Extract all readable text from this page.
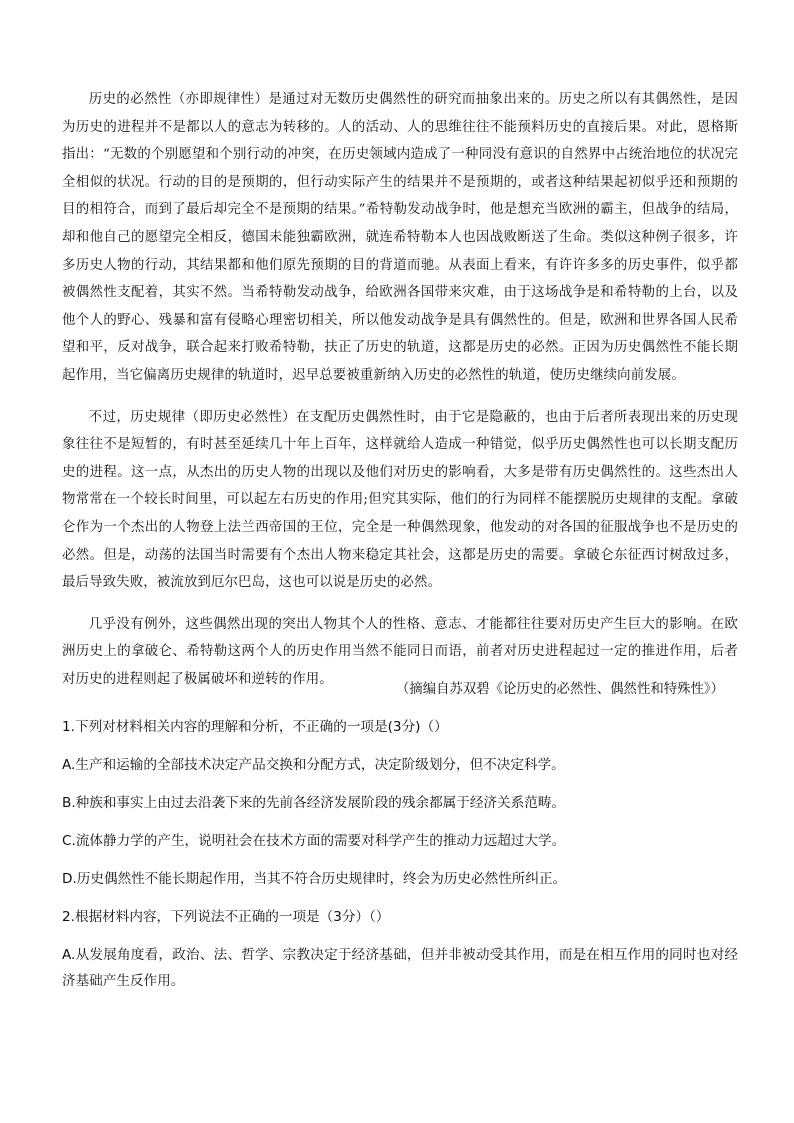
历史的必然性（亦即规律性）是通过对无数历史偶然性的研究而抽象出来的。历史之所以有其偶然性，是因为历史的进程并不是都以人的意志为转移的。人的活动、人的思维往往不能预料历史的直接后果。对此，恩格斯指出：“无数的个别愿望和个别行动的冲突，在历史领域内造成了一种同没有意识的自然界中占统治地位的状况完全相似的状况。行动的目的是预期的，但行动实际产生的结果并不是预期的，或者这种结果起初似乎还和预期的目的相符合，而到了最后却完全不是预期的结果。”希特勒发动战争时，他是想充当欧洲的霸主，但战争的结局，却和他自己的愿望完全相反，德国未能独霸欧洲，就连希特勒本人也因战败断送了生命。类似这种例子很多，许多历史人物的行动，其结果都和他们原先预期的目的背道而驰。从表面上看来，有许许多多的历史事件，似乎都被偶然性支配着，其实不然。当希特勒发动战争，给欧洲各国带来灾难，由于这场战争是和希特勒的上台，以及他个人的野心、残暴和富有侵略心理密切相关，所以他发动战争是具有偶然性的。但是，欧洲和世界各国人民希望和平，反对战争，联合起来打败希特勒，扶正了历史的轨道，这都是历史的必然。正因为历史偶然性不能长期起作用，当它偏离历史规律的轨道时，迟早总要被重新纳入历史的必然性的轨道，使历史继续向前发展。

不过，历史规律（即历史必然性）在支配历史偶然性时，由于它是隐蔽的，也由于后者所表现出来的历史现象往往不是短暂的，有时甚至延续几十年上百年，这样就给人造成一种错觉，似乎历史偶然性也可以长期支配历史的进程。这一点，从杰出的历史人物的出现以及他们对历史的影响看，大多是带有历史偶然性的。这些杰出人物常常在一个较长时间里，可以起左右历史的作用;但究其实际，他们的行为同样不能摆脱历史规律的支配。拿破仑作为一个杰出的人物登上法兰西帝国的王位，完全是一种偶然现象，他发动的对各国的征服战争也不是历史的必然。但是，动荡的法国当时需要有个杰出人物来稳定其社会，这都是历史的需要。拿破仑东征西讨树敌过多，最后导致失败，被流放到厄尔巴岛，这也可以说是历史的必然。

几乎没有例外，这些偶然出现的突出人物其个人的性格、意志、才能都往往要对历史产生巨大的影响。在欧洲历史上的拿破仑、希特勒这两个人的历史作用当然不能同日而语，前者对历史进程起过一定的推进作用，后者对历史的进程则起了极属破坏和逆转的作用。

（摘编自苏双碧《论历史的必然性、偶然性和特殊性》）
1.下列对材料相关内容的理解和分析，不正确的一项是(3分)（）
A.生产和运输的全部技术决定产品交换和分配方式，决定阶级划分，但不决定科学。
B.种族和事实上由过去沿袭下来的先前各经济发展阶段的残余都属于经济关系范畴。
C.流体静力学的产生，说明社会在技术方面的需要对科学产生的推动力远超过大学。
D.历史偶然性不能长期起作用，当其不符合历史规律时，终会为历史必然性所纠正。
2.根据材料内容，下列说法不正确的一项是（3分）（）
A.从发展角度看，政治、法、哲学、宗教决定于经济基础，但并非被动受其作用，而是在相互作用的同时也对经济基础产生反作用。
